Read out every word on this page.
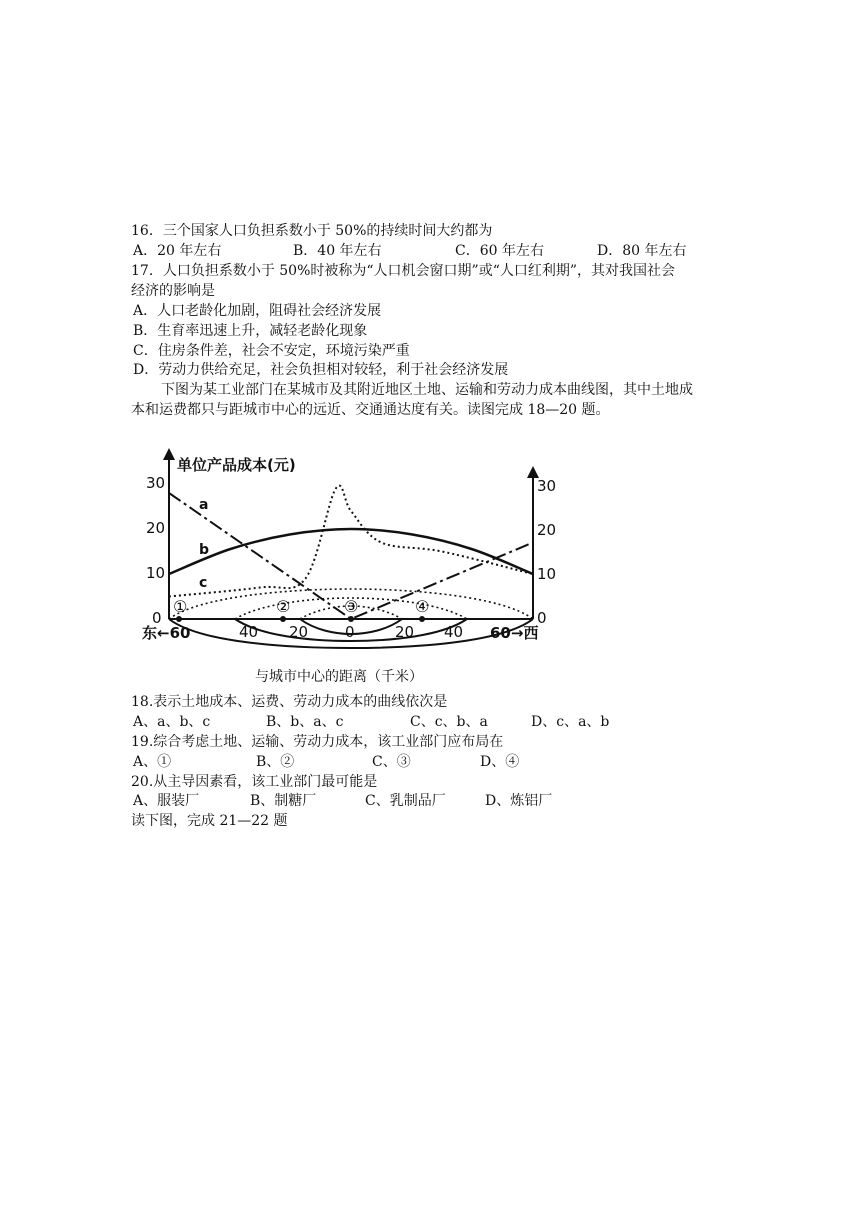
16．三个国家人口负担系数小于 50%的持续时间大约都为
A．20 年左右	B．40 年左右	C．60 年左右	D．80 年左右
17．人口负担系数小于 50%时被称为“人口机会窗口期”或“人口红利期”，其对我国社会
经济的影响是
A．人口老龄化加剧，阻碍社会经济发展
B．生育率迅速上升，减轻老龄化现象
C．住房条件差，社会不安定，环境污染严重
D．劳动力供给充足，社会负担相对较轻，利于社会经济发展
下图为某工业部门在某城市及其附近地区土地、运输和劳动力成本曲线图，其中土地成
本和运费都只与距城市中心的远近、交通通达度有关。读图完成 18—20 题。
单位产品成本(元)
30
20
10
0
30
20
10
0
东←60	60→西
40 20 0	20 40
①	②	③	④
a
b
c
与城市中心的距离（千米）
18.表示土地成本、运费、劳动力成本的曲线依次是
A、a、b、c	B、b、a、c	C、c、b、a	D、c、a、b
19.综合考虑土地、运输、劳动力成本，该工业部门应布局在
A、①	B、②	C、③	D、④
20.从主导因素看，该工业部门最可能是
A、服装厂	B、制糖厂	C、乳制品厂	D、炼铝厂
读下图，完成 21—22 题
